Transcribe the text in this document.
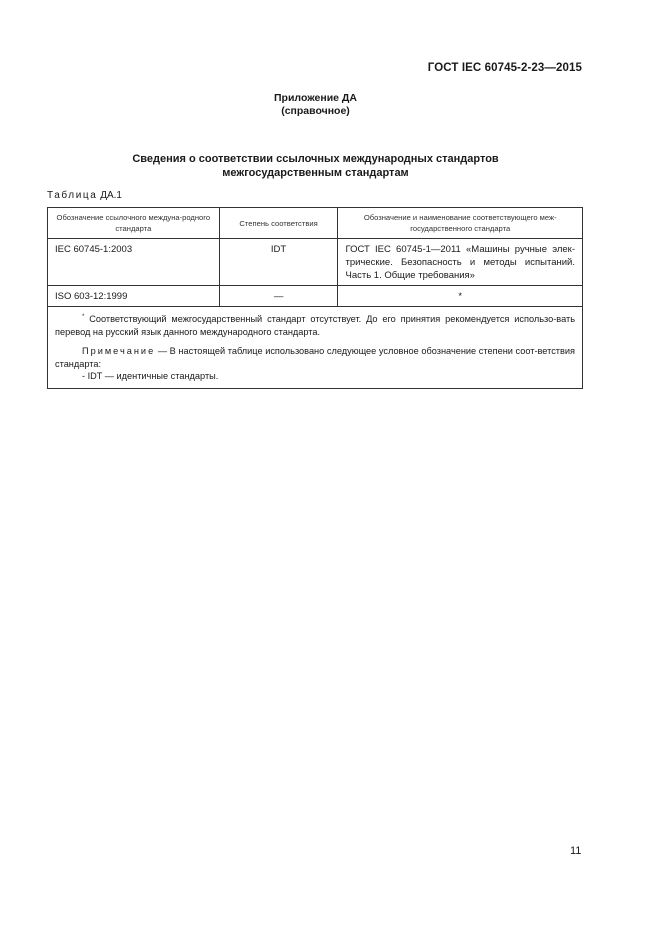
ГОСТ IEC 60745-2-23—2015
Приложение ДА
(справочное)
Сведения о соответствии ссылочных международных стандартов
межгосударственным стандартам
Таблица ДА.1
Обозначение ссылочного междуна-родного стандарта	Степень соответствия	Обозначение и наименование соответствующего меж-государственного стандарта
IEC 60745-1:2003	IDT	ГОСТ IEC 60745-1—2011 «Машины ручные элек-трические. Безопасность и методы испытаний. Часть 1. Общие требования»
ISO 603-12:1999	—	*

* Соответствующий межгосударственный стандарт отсутствует. До его принятия рекомендуется использо-вать перевод на русский язык данного международного стандарта.

Примечание — В настоящей таблице использовано следующее условное обозначение степени соот-ветствия стандарта:

- IDT — идентичные стандарты.		

11
